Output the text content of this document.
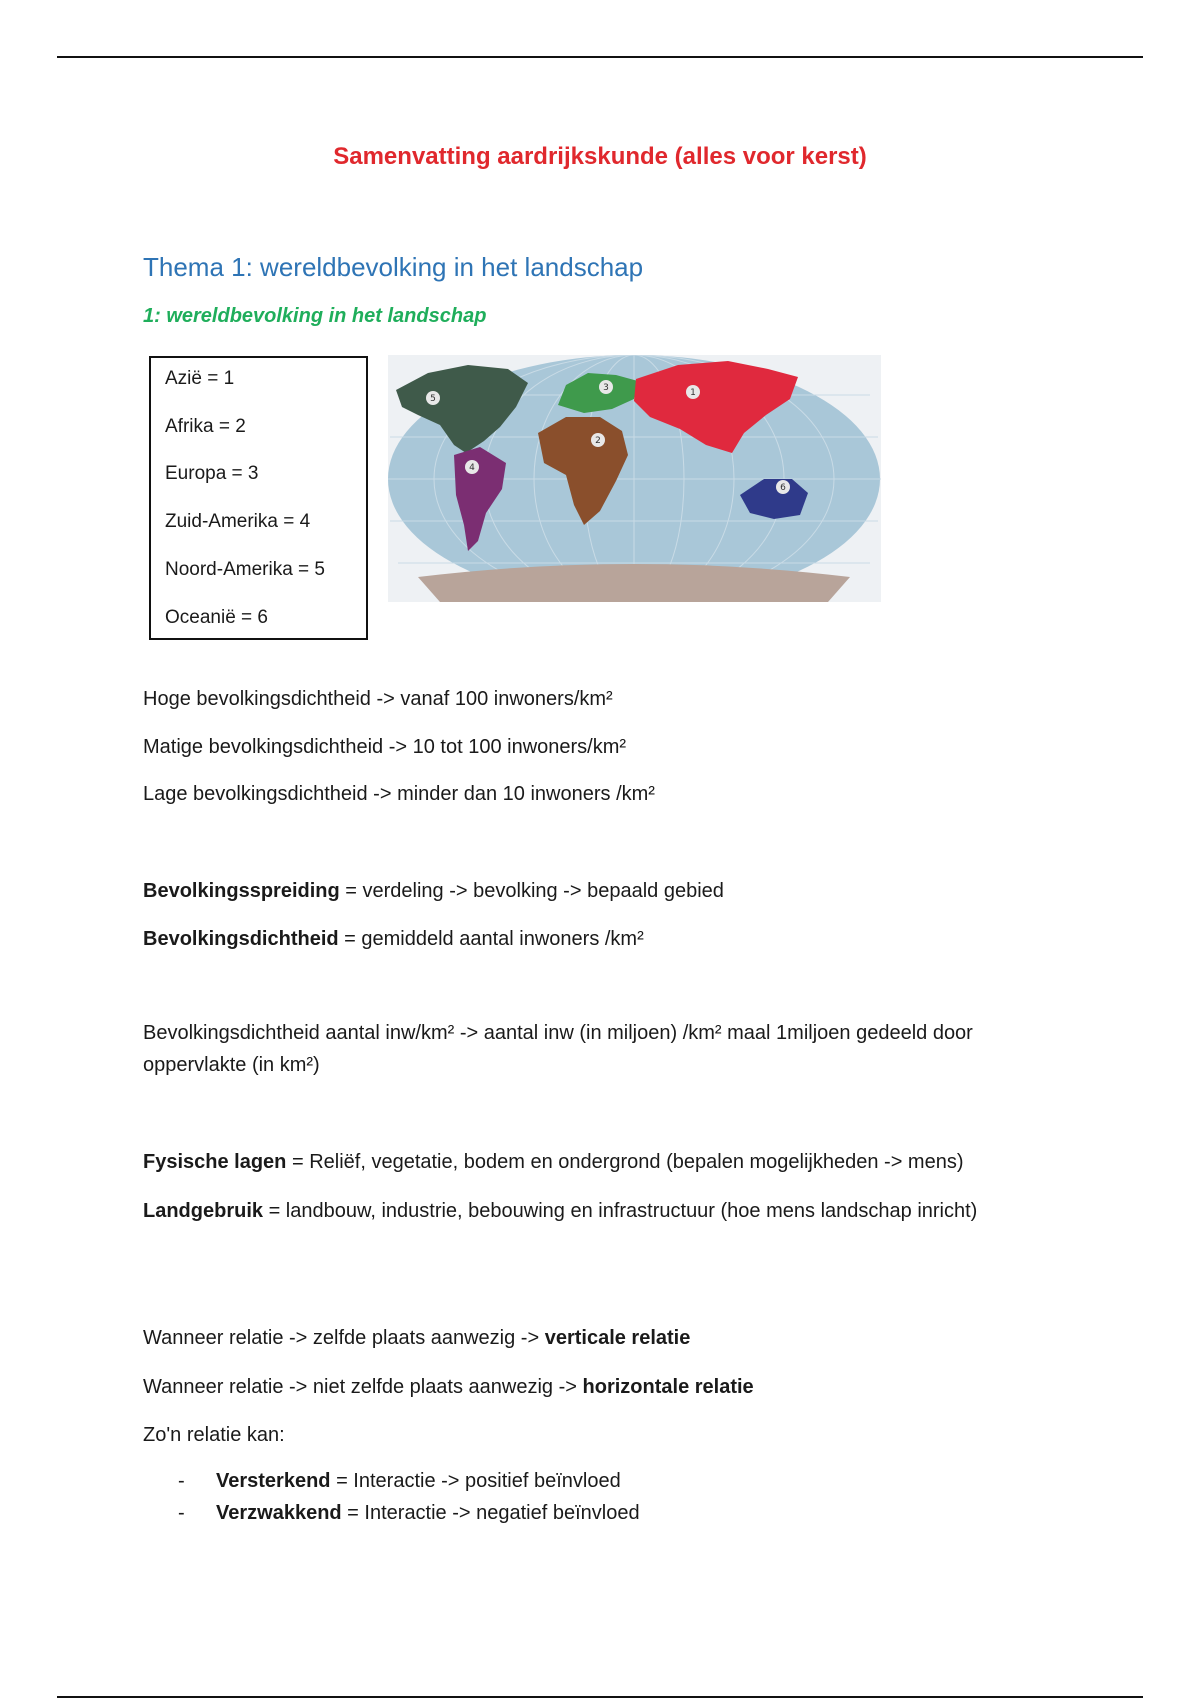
Samenvatting aardrijkskunde (alles voor kerst)
Thema 1: wereldbevolking in het landschap
1: wereldbevolking in het landschap
Azië = 1
Afrika = 2
Europa = 3
Zuid-Amerika = 4
Noord-Amerika = 5
Oceanië = 6
1
2
3
4
5
6
Hoge bevolkingsdichtheid -> vanaf 100 inwoners/km²
Matige bevolkingsdichtheid -> 10 tot 100 inwoners/km²
Lage bevolkingsdichtheid -> minder dan 10 inwoners /km²
Bevolkingsspreiding = verdeling -> bevolking -> bepaald gebied
Bevolkingsdichtheid = gemiddeld aantal inwoners /km²
Bevolkingsdichtheid aantal inw/km² -> aantal inw (in miljoen) /km² maal 1miljoen gedeeld door oppervlakte (in km²)
Fysische lagen = Reliëf, vegetatie, bodem en ondergrond (bepalen mogelijkheden -> mens)
Landgebruik = landbouw, industrie, bebouwing en infrastructuur (hoe mens landschap inricht)
Wanneer relatie -> zelfde plaats aanwezig -> verticale relatie
Wanneer relatie -> niet zelfde plaats aanwezig -> horizontale relatie
Zo'n relatie kan:
- Versterkend = Interactie -> positief beïnvloed
- Verzwakkend = Interactie -> negatief beïnvloed
